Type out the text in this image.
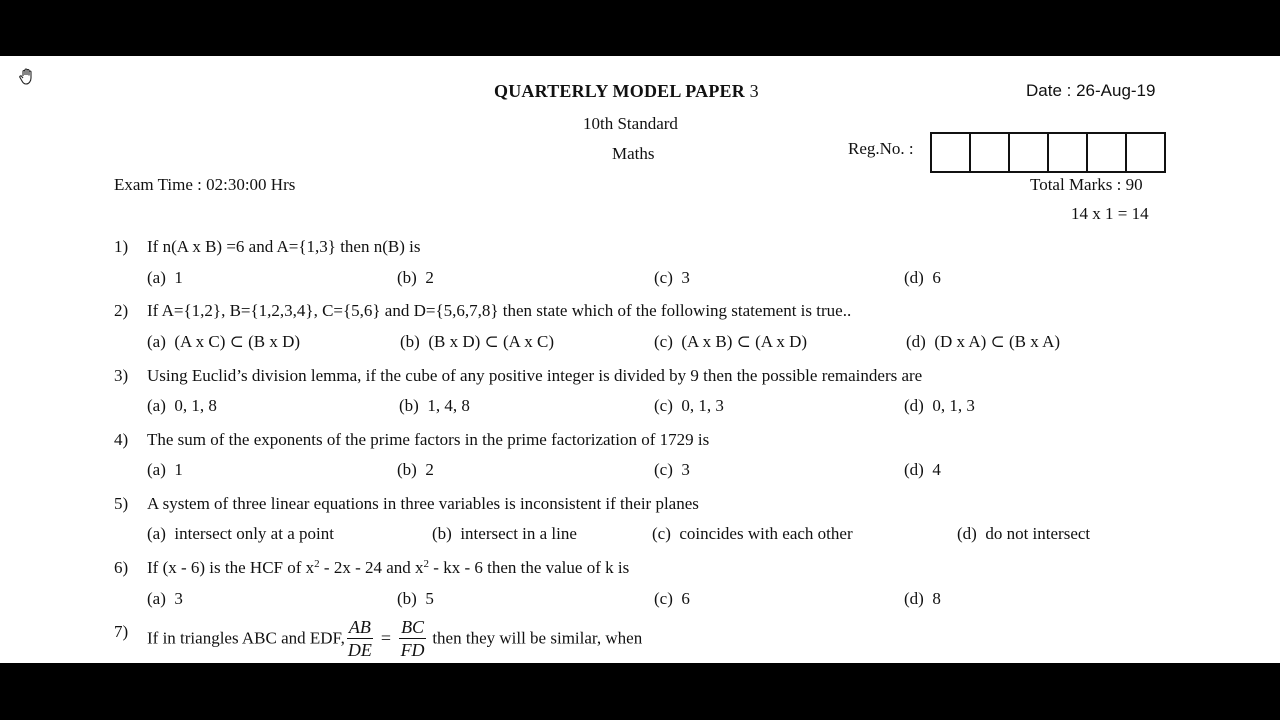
QUARTERLY MODEL PAPER 3	Date : 26-Aug-19
10th Standard
Maths	Reg.No. :
Exam Time : 02:30:00 Hrs	Total Marks : 90
14 x 1 = 14
1) If n(A x B) =6 and A={1,3} then n(B) is
(a) 1	(b) 2	(c) 3	(d) 6
2) If A={1,2}, B={1,2,3,4}, C={5,6} and D={5,6,7,8} then state which of the following statement is true..
(a) (A x C) ⊂ (B x D)	(b) (B x D) ⊂ (A x C)	(c) (A x B) ⊂ (A x D)	(d) (D x A) ⊂ (B x A)
3) Using Euclid’s division lemma, if the cube of any positive integer is divided by 9 then the possible remainders are
(a) 0, 1, 8	(b) 1, 4, 8	(c) 0, 1, 3	(d) 0, 1, 3
4) The sum of the exponents of the prime factors in the prime factorization of 1729 is
(a) 1	(b) 2	(c) 3	(d) 4
5) A system of three linear equations in three variables is inconsistent if their planes
(a) intersect only at a point	(b) intersect in a line	(c) coincides with each other	(d) do not intersect
6) If (x - 6) is the HCF of $x^2 - 2x - 24$ and $x^2$ - kx - 6 then the value of k is
(a) 3	(b) 5	(c) 6	(d) 8
7) If in triangles ABC and EDF, $\frac{AB}{DE} = \frac{BC}{FD}$ then they will be similar, when
